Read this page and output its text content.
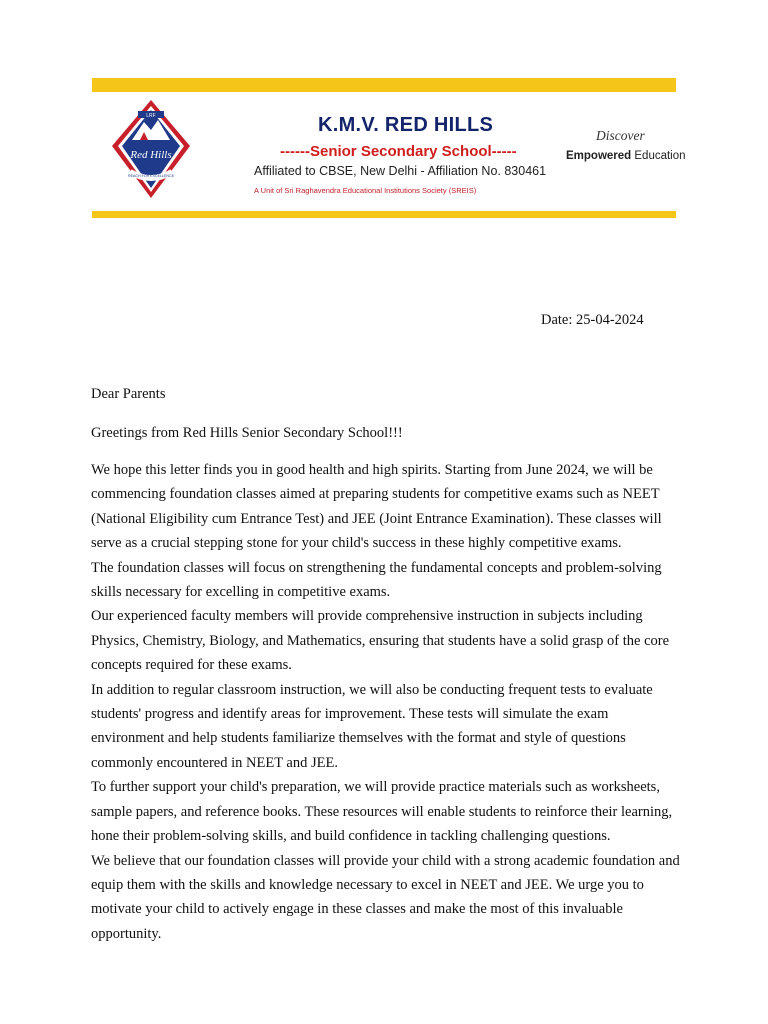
LRF
Red Hills
REACH FOR EXCELLENCE
K.M.V. RED HILLS
------Senior Secondary School-----
Affiliated to CBSE, New Delhi - Affiliation No. 830461
A Unit of Sri Raghavendra Educational Institutions Society (SREIS)
Discover
Empowered Education
Date: 25-04-2024
Dear Parents
Greetings from Red Hills Senior Secondary School!!!

We hope this letter finds you in good health and high spirits. Starting from June 2024, we will be commencing foundation classes aimed at preparing students for competitive exams such as NEET (National Eligibility cum Entrance Test) and JEE (Joint Entrance Examination). These classes will serve as a crucial stepping stone for your child's success in these highly competitive exams.

The foundation classes will focus on strengthening the fundamental concepts and problem-solving skills necessary for excelling in competitive exams.

Our experienced faculty members will provide comprehensive instruction in subjects including Physics, Chemistry, Biology, and Mathematics, ensuring that students have a solid grasp of the core concepts required for these exams.

In addition to regular classroom instruction, we will also be conducting frequent tests to evaluate students' progress and identify areas for improvement. These tests will simulate the exam environment and help students familiarize themselves with the format and style of questions commonly encountered in NEET and JEE.

To further support your child's preparation, we will provide practice materials such as worksheets, sample papers, and reference books. These resources will enable students to reinforce their learning, hone their problem-solving skills, and build confidence in tackling challenging questions.

We believe that our foundation classes will provide your child with a strong academic foundation and equip them with the skills and knowledge necessary to excel in NEET and JEE. We urge you to motivate your child to actively engage in these classes and make the most of this invaluable opportunity.
